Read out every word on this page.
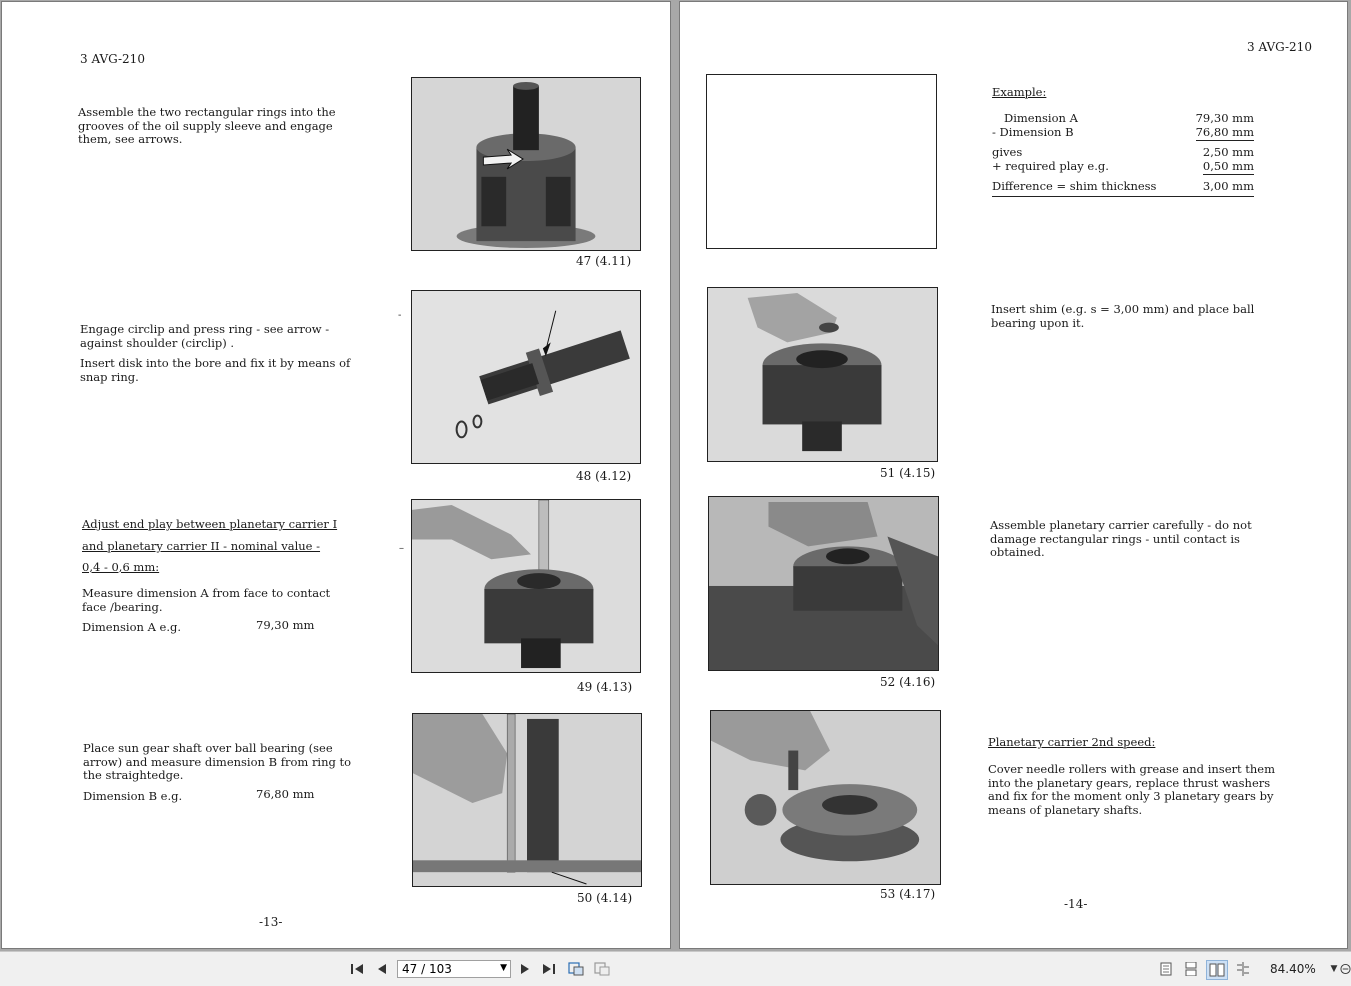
3 AVG-210
Assemble the two rectangular rings into the grooves of the oil supply sleeve and engage them, see arrows.
47 (4.11)
-
Engage circlip and press ring - see arrow - against shoulder (circlip) .
Insert disk into the bore and fix it by means of snap ring.
48 (4.12)
–
Adjust end play between planetary carrier I
and planetary carrier II - nominal value -
0,4 - 0,6 mm:
Measure dimension A from face to contact face /bearing.
Dimension A e.g.	79,30 mm
49 (4.13)
Place sun gear shaft over ball bearing (see arrow) and measure dimension B from ring to the straightedge.
Dimension B e.g.	76,80 mm
50 (4.14)
-13-
3 AVG-210
Example:
Dimension A	79,30 mm
- Dimension B	76,80 mm
gives	2,50 mm
+ required play e.g.	0,50 mm
Difference = shim thickness	3,00 mm
51 (4.15)
Insert shim (e.g. s = 3,00 mm) and place ball bearing upon it.
52 (4.16)
Assemble planetary carrier carefully - do not damage rectangular rings - until contact is obtained.
53 (4.17)
Planetary carrier 2nd speed:
Cover needle rollers with grease and insert them into the planetary gears, replace thrust washers and fix for the moment only 3 planetary gears by means of planetary shafts.
-14-
47 / 103	▼	84.40% ▼
